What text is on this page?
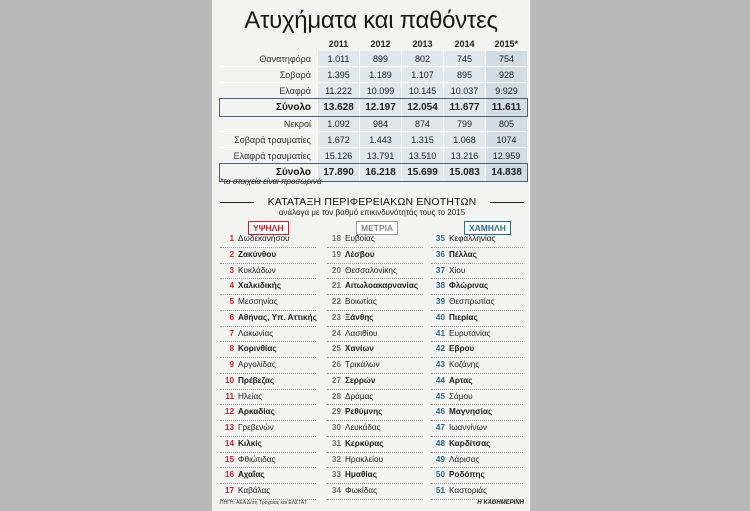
Ατυχήματα και παθόντες
	2011	2012	2013	2014	2015*
Θανατηφόρα	1.011	899	802	745	754
Σοβαρά	1.395	1.189	1.107	895	928
Ελαφρά	11.222	10.099	10.145	10.037	9.929
Σύνολο	13.628	12.197	12.054	11.677	11.611
Νεκροί	1.092	984	874	799	805
Σοβαρά τραυματίες	1.672	1.443	1.315	1.068	1074
Ελαφρά τραυματίες	15.126	13.791	13.510	13.216	12.959
Σύνολο	17.890	16.218	15.699	15.083	14.838
*τα στοιχεία είναι προσωρινά
ΚΑΤΑΤΑΞΗ ΠΕΡΙΦΕΡΕΙΑΚΩΝ ΕΝΟΤΗΤΩΝ
ανάλογα με τον βαθμό επικινδυνότητάς τους το 2015
ΥΨΗΛΗ	ΜΕΤΡΙΑ	ΧΑΜΗΛΗ
1 Δωδεκανήσου
2 Ζακύνθου
3 Κυκλάδων
4 Χαλκιδικής
5 Μεσσηνίας
6 Αθήνας, Υπ. Αττικής
7 Λακωνίας
8 Κορινθίας
9 Αργολίδας
10 Πρέβεζας
11 Ηλείας
12 Αρκαδίας
13 Γρεβενών
14 Κιλκίς
15 Φθιώτιδας
16 Αχαΐας
17 Καβάλας
18 Ευβοίας
19 Λέσβου
20 Θεσσαλονίκης
21 Αιτωλοακαρνανίας
22 Βοιωτίας
23 Ξάνθης
24 Λασιθίου
25 Χανίων
26 Τρικάλων
27 Σερρών
28 Δράμας
29 Ρεθύμνης
30 Λευκάδας
31 Κερκύρας
32 Ηρακλείου
33 Ημαθίας
34 Φωκίδας
35 Κεφαλληνίας
36 Πέλλας
37 Χίου
38 Φλώρινας
39 Θεσπρωτίας
40 Πιερίας
41 Ευρυτανίας
42 Εβρου
43 Κοζάνης
44 Αρτας
45 Σάμου
46 Μαγνησίας
47 Ιωαννίνων
48 Καρδίτσας
49 Λάρισας
50 Ροδόπης
51 Καστοριάς
ΠΗΓΗ: ΑΕΑ Δ/ση Τροχαίας και ΕΛΣΤΑΤ	Η ΚΑΘΗΜΕΡΙΝΗ
